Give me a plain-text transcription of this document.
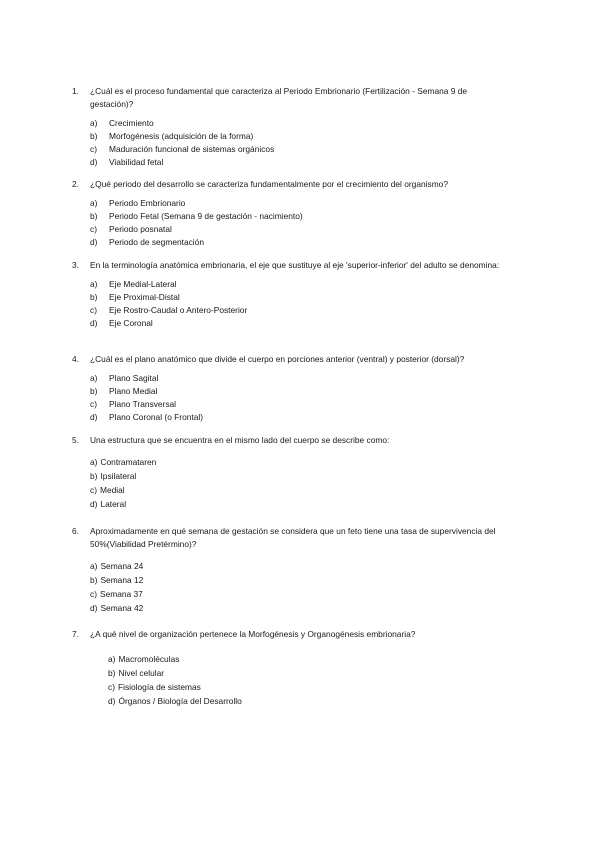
1.	¿Cuál es el proceso fundamental que caracteriza al Periodo Embrionario (Fertilización - Semana 9 de gestación)?
a) Crecimiento
b) Morfogénesis (adquisición de la forma)
c) Maduración funcional de sistemas orgánicos
d) Viabilidad fetal
2.	¿Qué periodo del desarrollo se caracteriza fundamentalmente por el crecimiento del organismo?
a) Periodo Embrionario
b) Periodo Fetal (Semana 9 de gestación - nacimiento)
c) Periodo posnatal
d) Periodo de segmentación
3.	En la terminología anatómica embrionaria, el eje que sustituye al eje 'superior-inferior' del adulto se denomina:
a) Eje Medial-Lateral
b) Eje Proximal-Distal
c) Eje Rostro-Caudal o Antero-Posterior
d) Eje Coronal
4.	¿Cuál es el plano anatómico que divide el cuerpo en porciones anterior (ventral) y posterior (dorsal)?
a) Plano Sagital
b) Plano Medial
c) Plano Transversal
d) Plano Coronal (o Frontal)
5.	Una estructura que se encuentra en el mismo lado del cuerpo se describe como:
a) Contramataren
b) Ipsilateral
c) Medial
d) Lateral
6.	Aproximadamente en qué semana de gestación se considera que un feto tiene una tasa de supervivencia del 50%(Viabilidad Pretérmino)?
a) Semana 24
b) Semana 12
c) Semana 37
d) Semana 42
7.	¿A qué nivel de organización pertenece la Morfogénesis y Organogénesis embrionaria?
a) Macromoléculas
b) Nivel celular
c) Fisiología de sistemas
d) Órganos / Biología del Desarrollo
